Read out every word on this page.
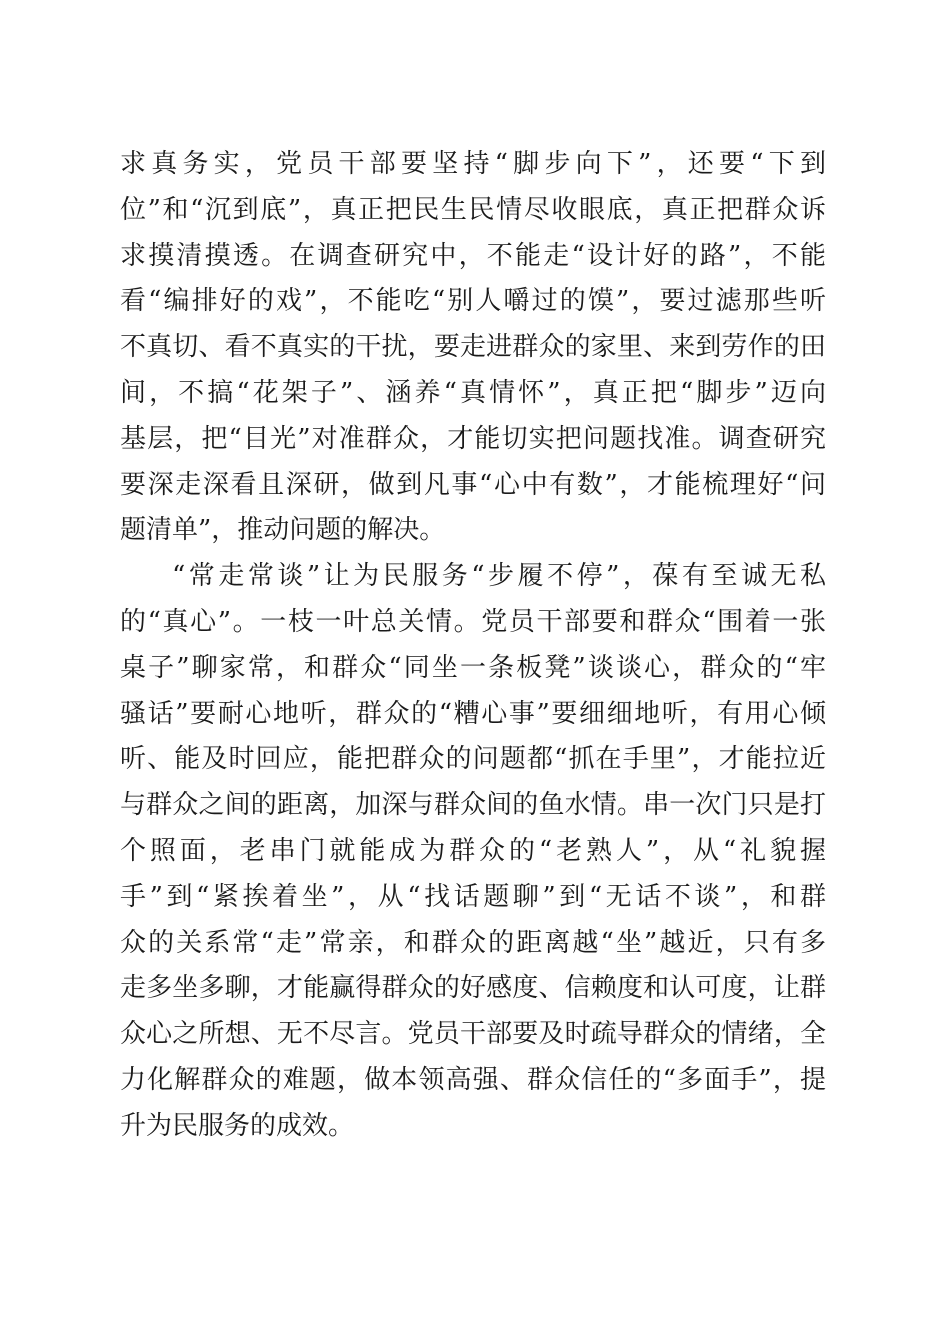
求真务实，党员干部要坚持“脚步向下”，还要“下到
位”和“沉到底”，真正把民生民情尽收眼底，真正把群众诉
求摸清摸透。在调查研究中，不能走“设计好的路”，不能
看“编排好的戏”，不能吃“别人嚼过的馍”，要过滤那些听
不真切、看不真实的干扰，要走进群众的家里、来到劳作的田
间，不搞“花架子”、涵养“真情怀”，真正把“脚步”迈向
基层，把“目光”对准群众，才能切实把问题找准。调查研究
要深走深看且深研，做到凡事“心中有数”，才能梳理好“问
题清单”，推动问题的解决。
“常走常谈”让为民服务“步履不停”，葆有至诚无私
的“真心”。一枝一叶总关情。党员干部要和群众“围着一张
桌子”聊家常，和群众“同坐一条板凳”谈谈心，群众的“牢
骚话”要耐心地听，群众的“糟心事”要细细地听，有用心倾
听、能及时回应，能把群众的问题都“抓在手里”，才能拉近
与群众之间的距离，加深与群众间的鱼水情。串一次门只是打
个照面，老串门就能成为群众的“老熟人”，从“礼貌握
手”到“紧挨着坐”，从“找话题聊”到“无话不谈”，和群
众的关系常“走”常亲，和群众的距离越“坐”越近，只有多
走多坐多聊，才能赢得群众的好感度、信赖度和认可度，让群
众心之所想、无不尽言。党员干部要及时疏导群众的情绪，全
力化解群众的难题，做本领高强、群众信任的“多面手”，提
升为民服务的成效。
